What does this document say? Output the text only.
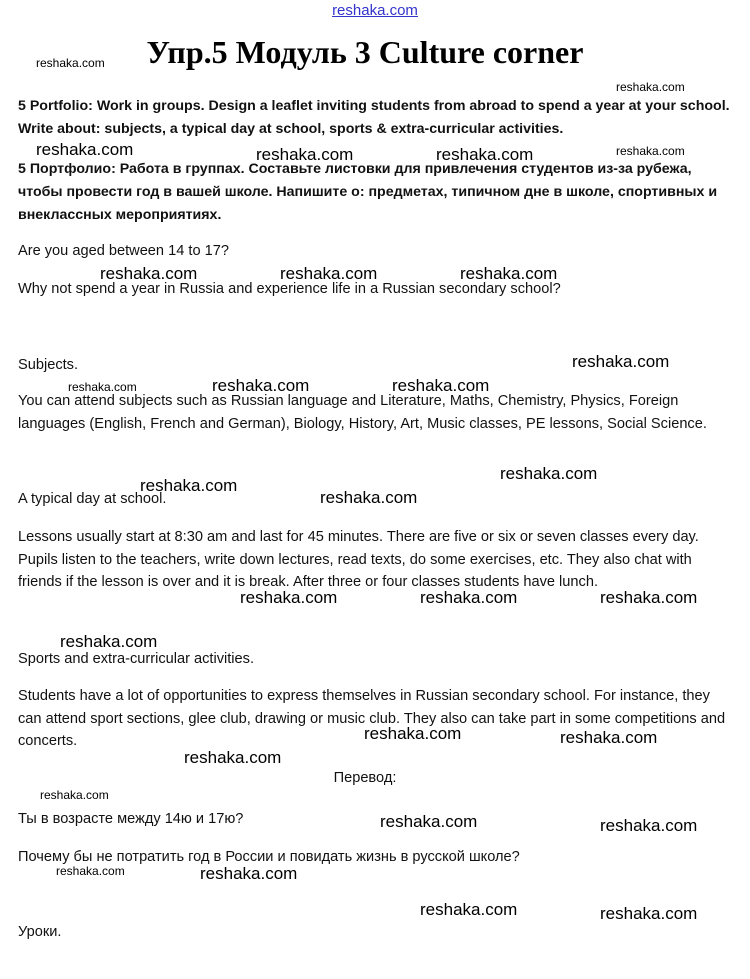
reshaka.com
Упр.5 Модуль 3 Culture corner
5 Portfolio: Work in groups. Design a leaflet inviting students from abroad to spend a year at your school. Write about: subjects, a typical day at school, sports & extra-curricular activities.
5 Портфолио: Работа в группах. Составьте листовки для привлечения студентов из-за рубежа, чтобы провести год в вашей школе. Напишите о: предметах, типичном дне в школе, спортивных и внеклассных мероприятиях.
Are you aged between 14 to 17?
Why not spend a year in Russia and experience life in a Russian secondary school?
Subjects.
You can attend subjects such as Russian language and Literature, Maths, Chemistry, Physics, Foreign languages (English, French and German), Biology, History, Art, Music classes, PE lessons, Social Science.
A typical day at school.
Lessons usually start at 8:30 am and last for 45 minutes. There are five or six or seven classes every day. Pupils listen to the teachers, write down lectures, read texts, do some exercises, etc. They also chat with friends if the lesson is over and it is break. After three or four classes students have lunch.
Sports and extra-curricular activities.
Students have a lot of opportunities to express themselves in Russian secondary school. For instance, they can attend sport sections, glee club, drawing or music club. They also can take part in some competitions and concerts.
Перевод:
Ты в возрасте между 14ю и 17ю?
Почему бы не потратить год в России и повидать жизнь в русской школе?
Уроки.
reshaka.com
reshaka.com
reshaka.com
reshaka.com	reshaka.com	reshaka.com
reshaka.com	reshaka.com	reshaka.com
reshaka.com
reshaka.com	reshaka.com	reshaka.com
reshaka.com
reshaka.com
reshaka.com
reshaka.com	reshaka.com	reshaka.com
reshaka.com
reshaka.com	reshaka.com
reshaka.com
reshaka.com
reshaka.com	reshaka.com
reshaka.com	reshaka.com
reshaka.com	reshaka.com
